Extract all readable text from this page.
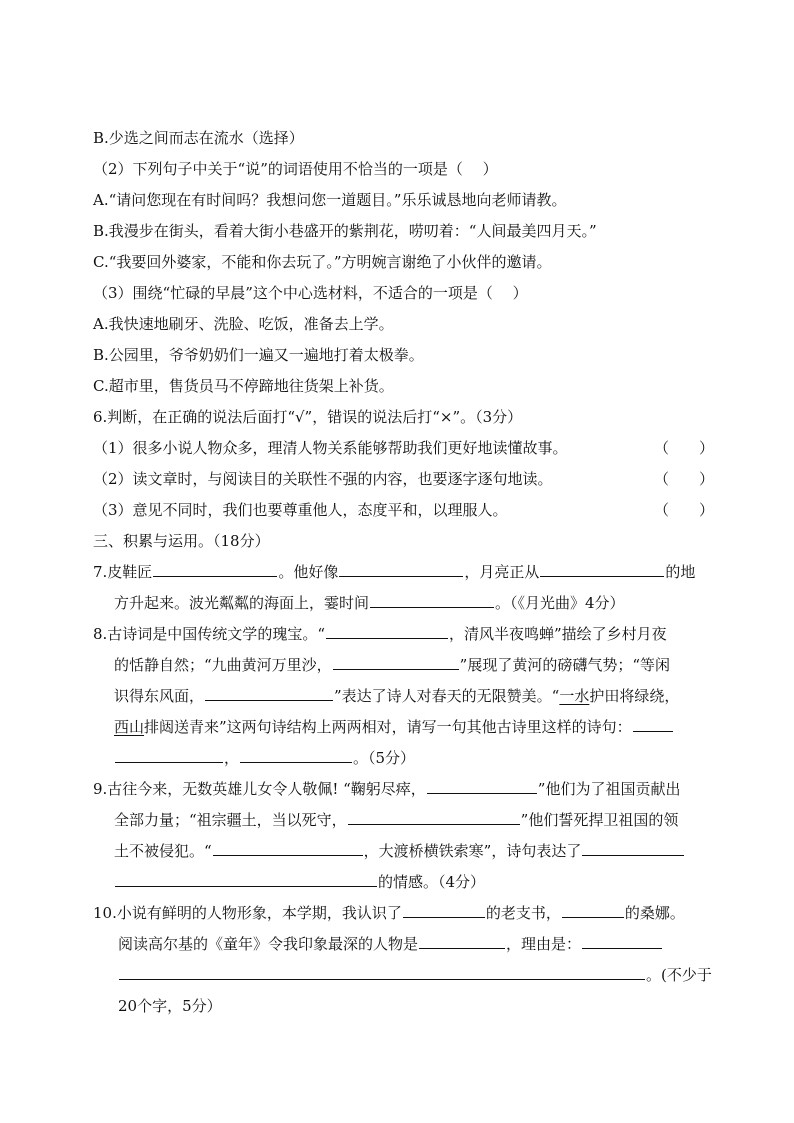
B.少选之间而志在流水（选择）
（2）下列句子中关于“说”的词语使用不恰当的一项是（　 ）
A.“请问您现在有时间吗？我想问您一道题目。”乐乐诚恳地向老师请教。
B.我漫步在街头，看着大街小巷盛开的紫荆花，唠叨着：“人间最美四月天。”
C.“我要回外婆家，不能和你去玩了。”方明婉言谢绝了小伙伴的邀请。
（3）围绕“忙碌的早晨”这个中心选材料，不适合的一项是（　 ）
A.我快速地刷牙、洗脸、吃饭，准备去上学。
B.公园里，爷爷奶奶们一遍又一遍地打着太极拳。
C.超市里，售货员马不停蹄地往货架上补货。
6.判断，在正确的说法后面打“√”，错误的说法后打“×”。（3分）
（1）很多小说人物众多，理清人物关系能够帮助我们更好地读懂故事。	（　　）
（2）读文章时，与阅读目的关联性不强的内容，也要逐字逐句地读。	（　　）
（3）意见不同时，我们也要尊重他人，态度平和，以理服人。	（　　）
三、积累与运用。（18分）
7.皮鞋匠	。他好像	，月亮正从	的地
方升起来。波光粼粼的海面上，霎时间	。（《月光曲》4分）
8.古诗词是中国传统文学的瑰宝。“	，清风半夜鸣蝉”描绘了乡村月夜
的恬静自然；“九曲黄河万里沙，	”展现了黄河的磅礴气势；“等闲
识得东风面，	”表达了诗人对春天的无限赞美。“一水护田将绿绕，
西山排闼送青来”这两句诗结构上两两相对，请写一句其他古诗里这样的诗句：
，	。（5分）
9.古往今来，无数英雄儿女令人敬佩! “鞠躬尽瘁，	”他们为了祖国贡献出
全部力量；“祖宗疆土，当以死守，	”他们誓死捍卫祖国的领
土不被侵犯。“	，大渡桥横铁索寒”，诗句表达了
的情感。（4分）
10.小说有鲜明的人物形象，本学期，我认识了	的老支书，	的桑娜。
阅读高尔基的《童年》令我印象最深的人物是	，理由是：
。(不少于
20个字，5分）
